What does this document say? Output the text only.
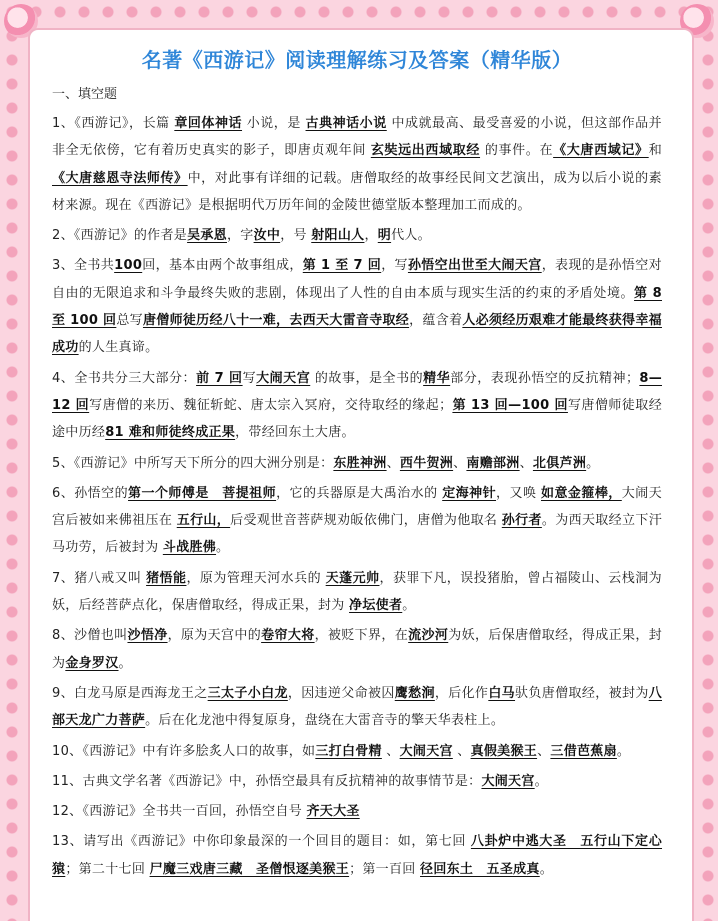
名著《西游记》阅读理解练习及答案（精华版）
一、填空题

1、《西游记》，长篇 章回体神话 小说，是 古典神话小说 中成就最高、最受喜爱的小说，但这部作品并非全无依傍，它有着历史真实的影子，即唐贞观年间 玄奘远出西域取经 的事件。在《大唐西域记》和《大唐慈恩寺法师传》中，对此事有详细的记载。唐僧取经的故事经民间文艺演出，成为以后小说的素材来源。现在《西游记》是根据明代万历年间的金陵世德堂版本整理加工而成的。

2、《西游记》的作者是吴承恩，字汝中，号 射阳山人，明代人。

3、全书共100回，基本由两个故事组成，第 1 至 7 回，写孙悟空出世至大闹天宫，表现的是孙悟空对自由的无限追求和斗争最终失败的悲剧，体现出了人性的自由本质与现实生活的约束的矛盾处境。第 8 至 100 回总写唐僧师徒历经八十一难，去西天大雷音寺取经，蕴含着人必须经历艰难才能最终获得幸福成功的人生真谛。

4、全书共分三大部分：前 7 回写大闹天宫 的故事，是全书的精华部分，表现孙悟空的反抗精神；8—12 回写唐僧的来历、魏征斩蛇、唐太宗入冥府，交待取经的缘起；第 13 回—100 回写唐僧师徒取经途中历经81 难和师徒终成正果，带经回东土大唐。

5、《西游记》中所写天下所分的四大洲分别是：东胜神洲、西牛贺洲、南赡部洲、北俱芦洲。

6、孙悟空的第一个师傅是　菩提祖师，它的兵器原是大禹治水的 定海神针，又唤 如意金箍棒，大闹天宫后被如来佛祖压在 五行山，后受观世音菩萨规劝皈依佛门，唐僧为他取名 孙行者。为西天取经立下汗马功劳，后被封为 斗战胜佛。

7、猪八戒又叫 猪悟能，原为管理天河水兵的 天蓬元帅，获罪下凡，误投猪胎，曾占福陵山、云栈洞为妖，后经菩萨点化，保唐僧取经，得成正果，封为 净坛使者。

8、沙僧也叫沙悟净，原为天宫中的卷帘大将，被贬下界，在流沙河为妖，后保唐僧取经，得成正果，封为金身罗汉。

9、白龙马原是西海龙王之三太子小白龙，因违逆父命被囚鹰愁涧，后化作白马驮负唐僧取经，被封为八部天龙广力菩萨。后在化龙池中得复原身，盘绕在大雷音寺的擎天华表柱上。

10、《西游记》中有许多脍炙人口的故事，如三打白骨精 、大闹天宫 、真假美猴王、三借芭蕉扇。

11、古典文学名著《西游记》中，孙悟空最具有反抗精神的故事情节是：大闹天宫。

12、《西游记》全书共一百回，孙悟空自号 齐天大圣

13、请写出《西游记》中你印象最深的一个回目的题目：如，第七回 八卦炉中逃大圣　五行山下定心猿；第二十七回 尸魔三戏唐三藏　圣僧恨逐美猴王；第一百回 径回东土　五圣成真。
